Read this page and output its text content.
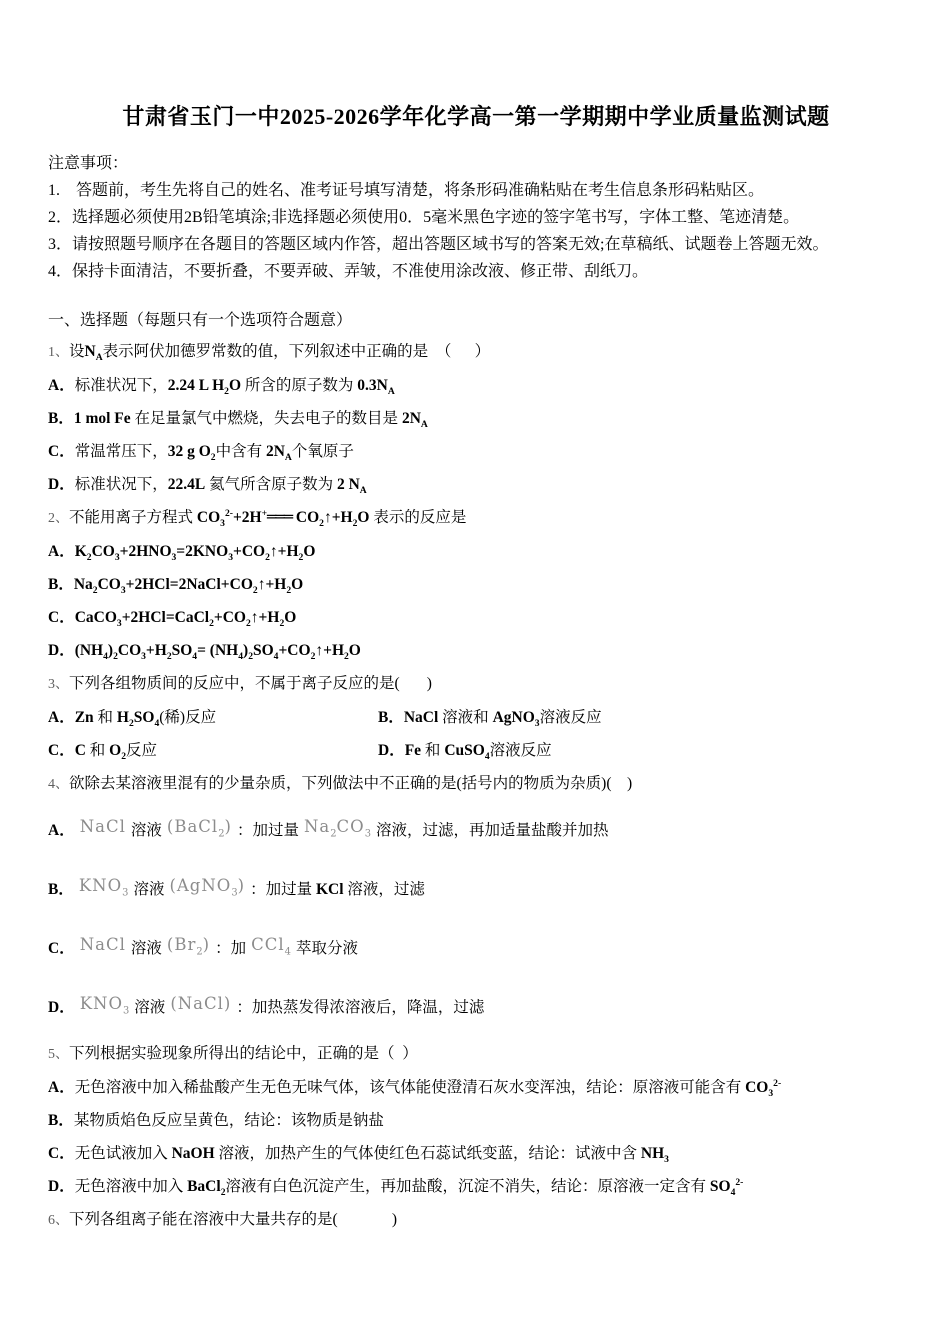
甘肃省玉门一中2025-2026学年化学高一第一学期期中学业质量监测试题
注意事项：
1.    答题前，考生先将自己的姓名、准考证号填写清楚，将条形码准确粘贴在考生信息条形码粘贴区。
2．选择题必须使用2B铅笔填涂;非选择题必须使用0．5毫米黑色字迹的签字笔书写，字体工整、笔迹清楚。
3．请按照题号顺序在各题目的答题区域内作答，超出答题区域书写的答案无效;在草稿纸、试题卷上答题无效。
4．保持卡面清洁，不要折叠，不要弄破、弄皱，不准使用涂改液、修正带、刮纸刀。
一、选择题（每题只有一个选项符合题意）
1、设$N_A$表示阿伏加德罗常数的值，下列叙述中正确的是　（　  ）
A．标准状况下，2.24 L $H_2O$ 所含的原子数为 $0.3N_A$
B．1 mol Fe 在足量氯气中燃烧，失去电子的数目是 $2N_A$
C．常温常压下，32 g $O_2$中含有 $2N_A$个氧原子
D．标准状况下，22.4L 氦气所含原子数为 2 $N_A$
2、不能用离子方程式 $CO_3^{2-}+2H^+═══$ $CO_2↑+H_2O$ 表示的反应是
A．$K_2CO_3+2HNO_3=2KNO_3+CO_2↑+H_2O$
B．$Na_2CO_3+2HCl=2NaCl+CO_2↑+H_2O$
C．$CaCO_3+2HCl=CaCl_2+CO_2↑+H_2O$
D．$(NH_4)_2CO_3+H_2SO_4=$ $(NH_4)_2SO_4+CO_2↑+H_2O$
3、下列各组物质间的反应中，不属于离子反应的是(       )
A．Zn 和 $H_2SO_4$(稀)反应	B．NaCl 溶液和 AgNO$_3$溶液反应
C．C 和 $O_2$反应	D．Fe 和 CuSO$_4$溶液反应
4、欲除去某溶液里混有的少量杂质，下列做法中不正确的是(括号内的物质为杂质)(    )
A． NaCl 溶液 (BaCl$_2$) ：加过量 $Na_2CO_3$ 溶液，过滤，再加适量盐酸并加热
B． $KNO_3$ 溶液 (AgNO$_3$) ：加过量 KCl 溶液，过滤
C． NaCl 溶液 $(Br_2)$ ：加 CCl$_4$ 萃取分液
D． $KNO_3$ 溶液 (NaCl) ：加热蒸发得浓溶液后，降温，过滤
5、下列根据实验现象所得出的结论中，正确的是（  ）
A．无色溶液中加入稀盐酸产生无色无味气体，该气体能使澄清石灰水变浑浊，结论：原溶液可能含有 $CO_3^{2-}$
B．某物质焰色反应呈黄色，结论：该物质是钠盐
C．无色试液加入 NaOH 溶液，加热产生的气体使红色石蕊试纸变蓝，结论：试液中含 $NH_3$
D．无色溶液中加入 BaCl$_2$溶液有白色沉淀产生，再加盐酸，沉淀不消失，结论：原溶液一定含有 $SO_4^{2-}$
6、下列各组离子能在溶液中大量共存的是(              )
